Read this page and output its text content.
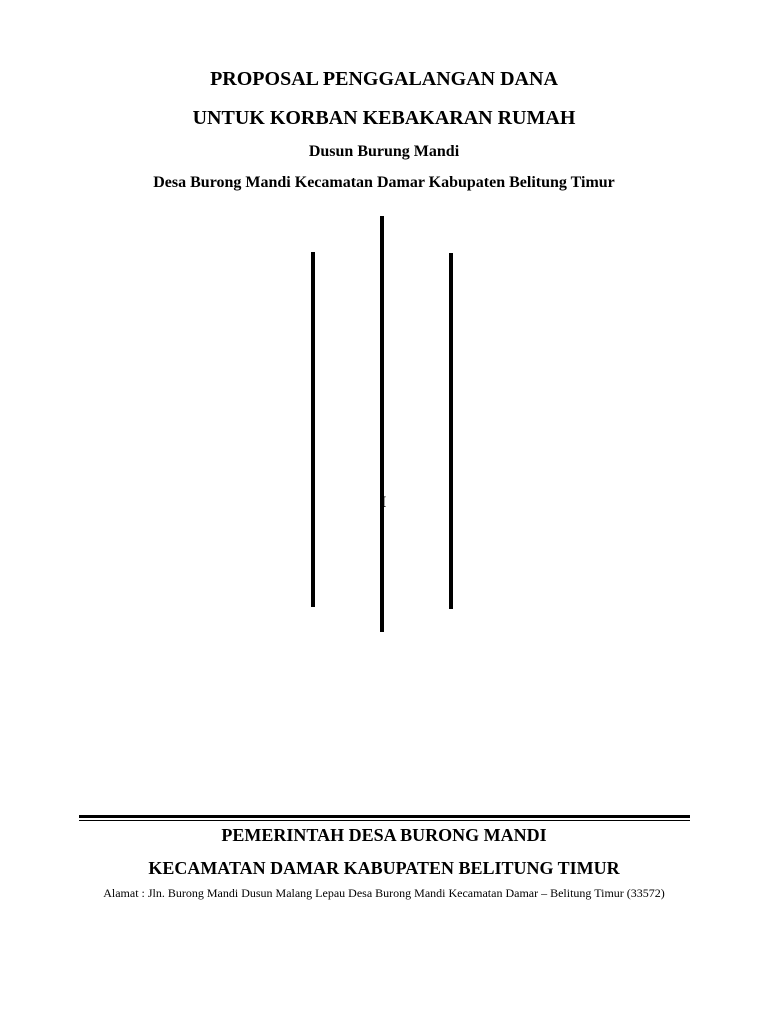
PROPOSAL PENGGALANGAN DANA
UNTUK KORBAN KEBAKARAN RUMAH
Dusun Burung Mandi
Desa Burong Mandi Kecamatan Damar Kabupaten Belitung Timur
I
PEMERINTAH DESA BURONG MANDI
KECAMATAN DAMAR KABUPATEN BELITUNG TIMUR
Alamat : Jln. Burong Mandi Dusun Malang Lepau Desa Burong Mandi Kecamatan Damar – Belitung Timur (33572)
